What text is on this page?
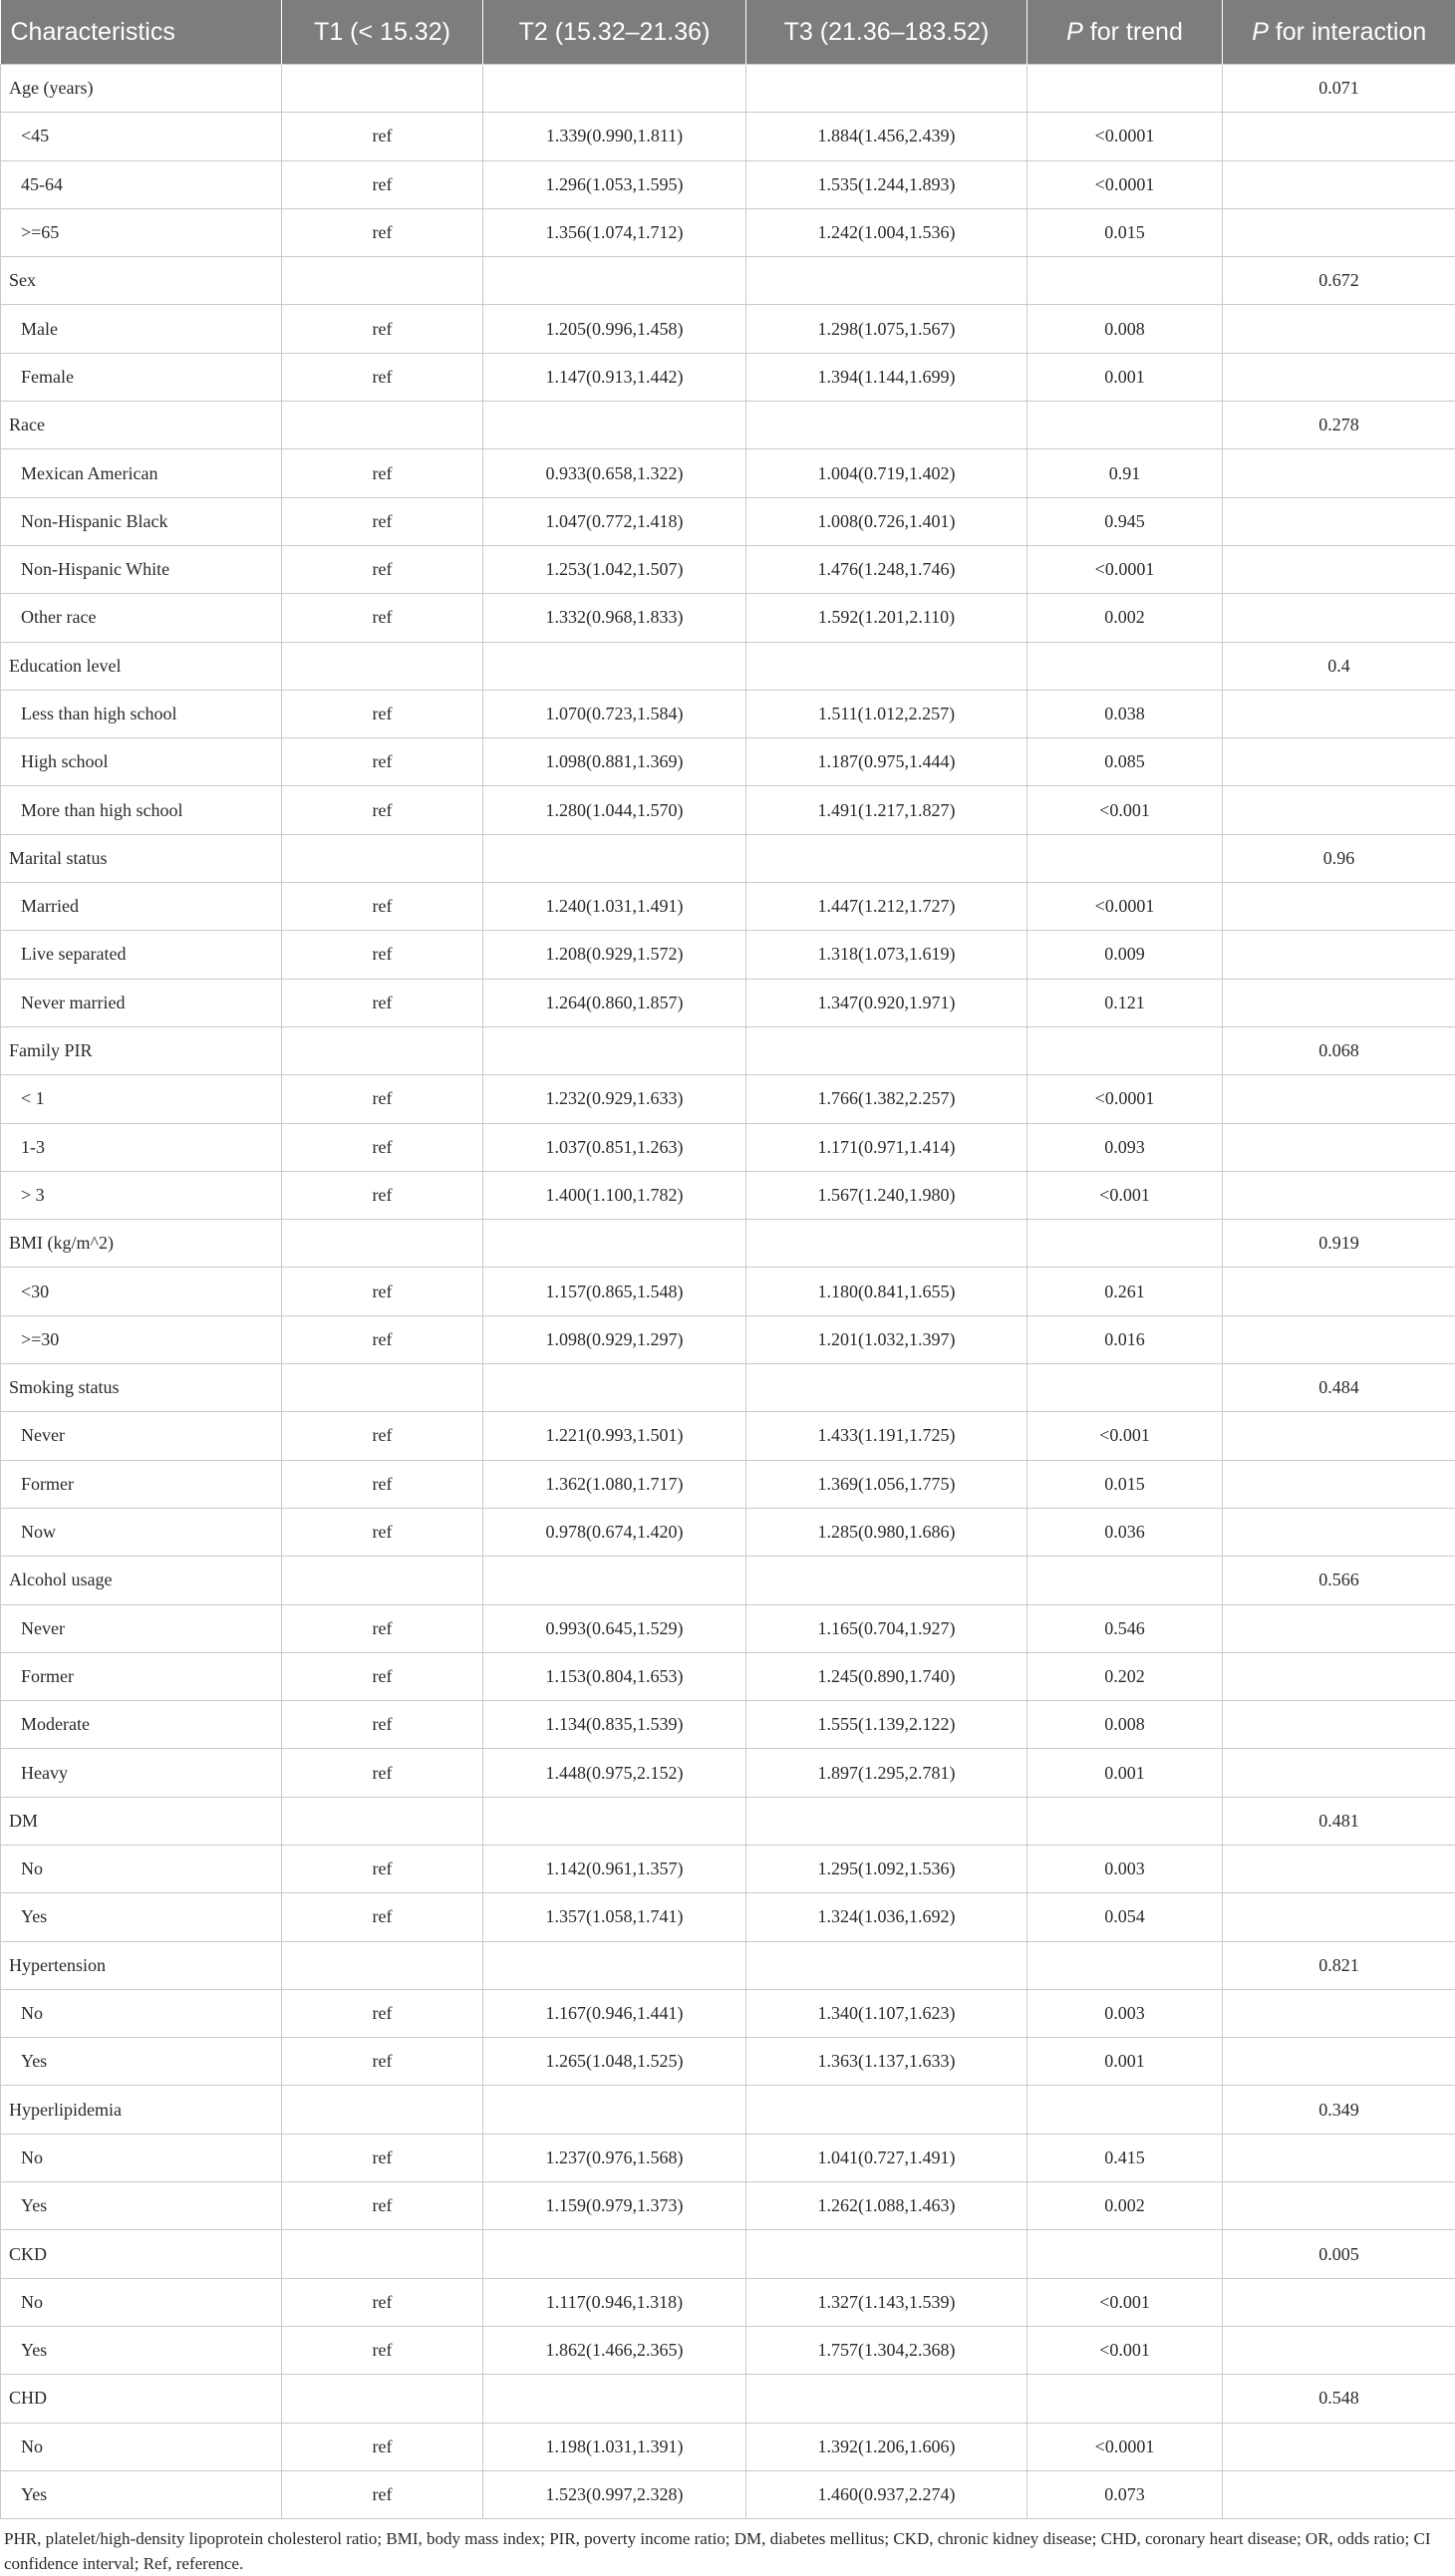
Characteristics	T1 (< 15.32)	T2 (15.32–21.36)	T3 (21.36–183.52)	P for trend	P for interaction
Age (years)					0.071
<45	ref	1.339(0.990,1.811)	1.884(1.456,2.439)	<0.0001	
45-64	ref	1.296(1.053,1.595)	1.535(1.244,1.893)	<0.0001	
>=65	ref	1.356(1.074,1.712)	1.242(1.004,1.536)	0.015	
Sex					0.672
Male	ref	1.205(0.996,1.458)	1.298(1.075,1.567)	0.008	
Female	ref	1.147(0.913,1.442)	1.394(1.144,1.699)	0.001	
Race					0.278
Mexican American	ref	0.933(0.658,1.322)	1.004(0.719,1.402)	0.91	
Non-Hispanic Black	ref	1.047(0.772,1.418)	1.008(0.726,1.401)	0.945	
Non-Hispanic White	ref	1.253(1.042,1.507)	1.476(1.248,1.746)	<0.0001	
Other race	ref	1.332(0.968,1.833)	1.592(1.201,2.110)	0.002	
Education level					0.4
Less than high school	ref	1.070(0.723,1.584)	1.511(1.012,2.257)	0.038	
High school	ref	1.098(0.881,1.369)	1.187(0.975,1.444)	0.085	
More than high school	ref	1.280(1.044,1.570)	1.491(1.217,1.827)	<0.001	
Marital status					0.96
Married	ref	1.240(1.031,1.491)	1.447(1.212,1.727)	<0.0001	
Live separated	ref	1.208(0.929,1.572)	1.318(1.073,1.619)	0.009	
Never married	ref	1.264(0.860,1.857)	1.347(0.920,1.971)	0.121	
Family PIR					0.068
< 1	ref	1.232(0.929,1.633)	1.766(1.382,2.257)	<0.0001	
1-3	ref	1.037(0.851,1.263)	1.171(0.971,1.414)	0.093	
> 3	ref	1.400(1.100,1.782)	1.567(1.240,1.980)	<0.001	
BMI (kg/m^2)					0.919
<30	ref	1.157(0.865,1.548)	1.180(0.841,1.655)	0.261	
>=30	ref	1.098(0.929,1.297)	1.201(1.032,1.397)	0.016	
Smoking status					0.484
Never	ref	1.221(0.993,1.501)	1.433(1.191,1.725)	<0.001	
Former	ref	1.362(1.080,1.717)	1.369(1.056,1.775)	0.015	
Now	ref	0.978(0.674,1.420)	1.285(0.980,1.686)	0.036	
Alcohol usage					0.566
Never	ref	0.993(0.645,1.529)	1.165(0.704,1.927)	0.546	
Former	ref	1.153(0.804,1.653)	1.245(0.890,1.740)	0.202	
Moderate	ref	1.134(0.835,1.539)	1.555(1.139,2.122)	0.008	
Heavy	ref	1.448(0.975,2.152)	1.897(1.295,2.781)	0.001	
DM					0.481
No	ref	1.142(0.961,1.357)	1.295(1.092,1.536)	0.003	
Yes	ref	1.357(1.058,1.741)	1.324(1.036,1.692)	0.054	
Hypertension					0.821
No	ref	1.167(0.946,1.441)	1.340(1.107,1.623)	0.003	
Yes	ref	1.265(1.048,1.525)	1.363(1.137,1.633)	0.001	
Hyperlipidemia					0.349
No	ref	1.237(0.976,1.568)	1.041(0.727,1.491)	0.415	
Yes	ref	1.159(0.979,1.373)	1.262(1.088,1.463)	0.002	
CKD					0.005
No	ref	1.117(0.946,1.318)	1.327(1.143,1.539)	<0.001	
Yes	ref	1.862(1.466,2.365)	1.757(1.304,2.368)	<0.001	
CHD					0.548
No	ref	1.198(1.031,1.391)	1.392(1.206,1.606)	<0.0001	
Yes	ref	1.523(0.997,2.328)	1.460(0.937,2.274)	0.073	
PHR, platelet/high-density lipoprotein cholesterol ratio; BMI, body mass index; PIR, poverty income ratio; DM, diabetes mellitus; CKD, chronic kidney disease; CHD, coronary heart disease; OR, odds ratio; CI confidence interval; Ref, reference.
